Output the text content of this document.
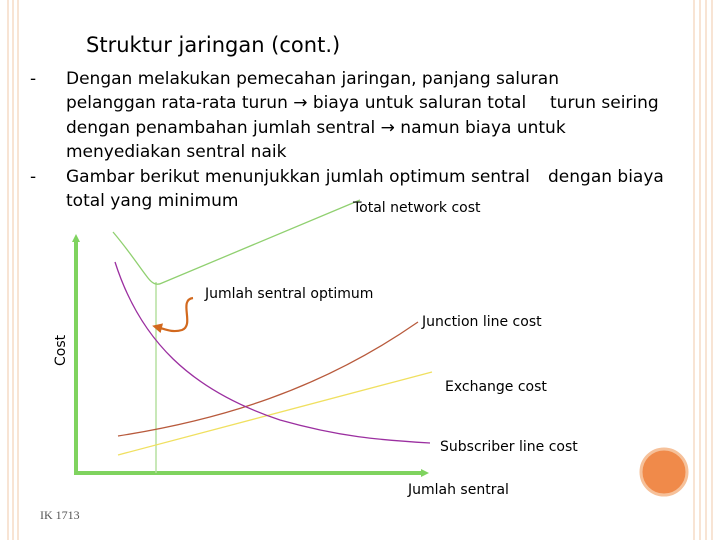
Struktur jaringan (cont.)
- Dengan melakukan pemecahan jaringan, panjang saluran
pelanggan rata-rata turun → biaya untuk saluran total turun seiring
dengan penambahan jumlah sentral → namun biaya untuk
menyediakan sentral naik
- Gambar berikut menunjukkan jumlah optimum sentral dengan biaya
total yang minimum	Total network cost
Jumlah sentral optimum
Junction line cost
Exchange cost
Subscriber line cost
Jumlah sentral
Cost
IK 1713
